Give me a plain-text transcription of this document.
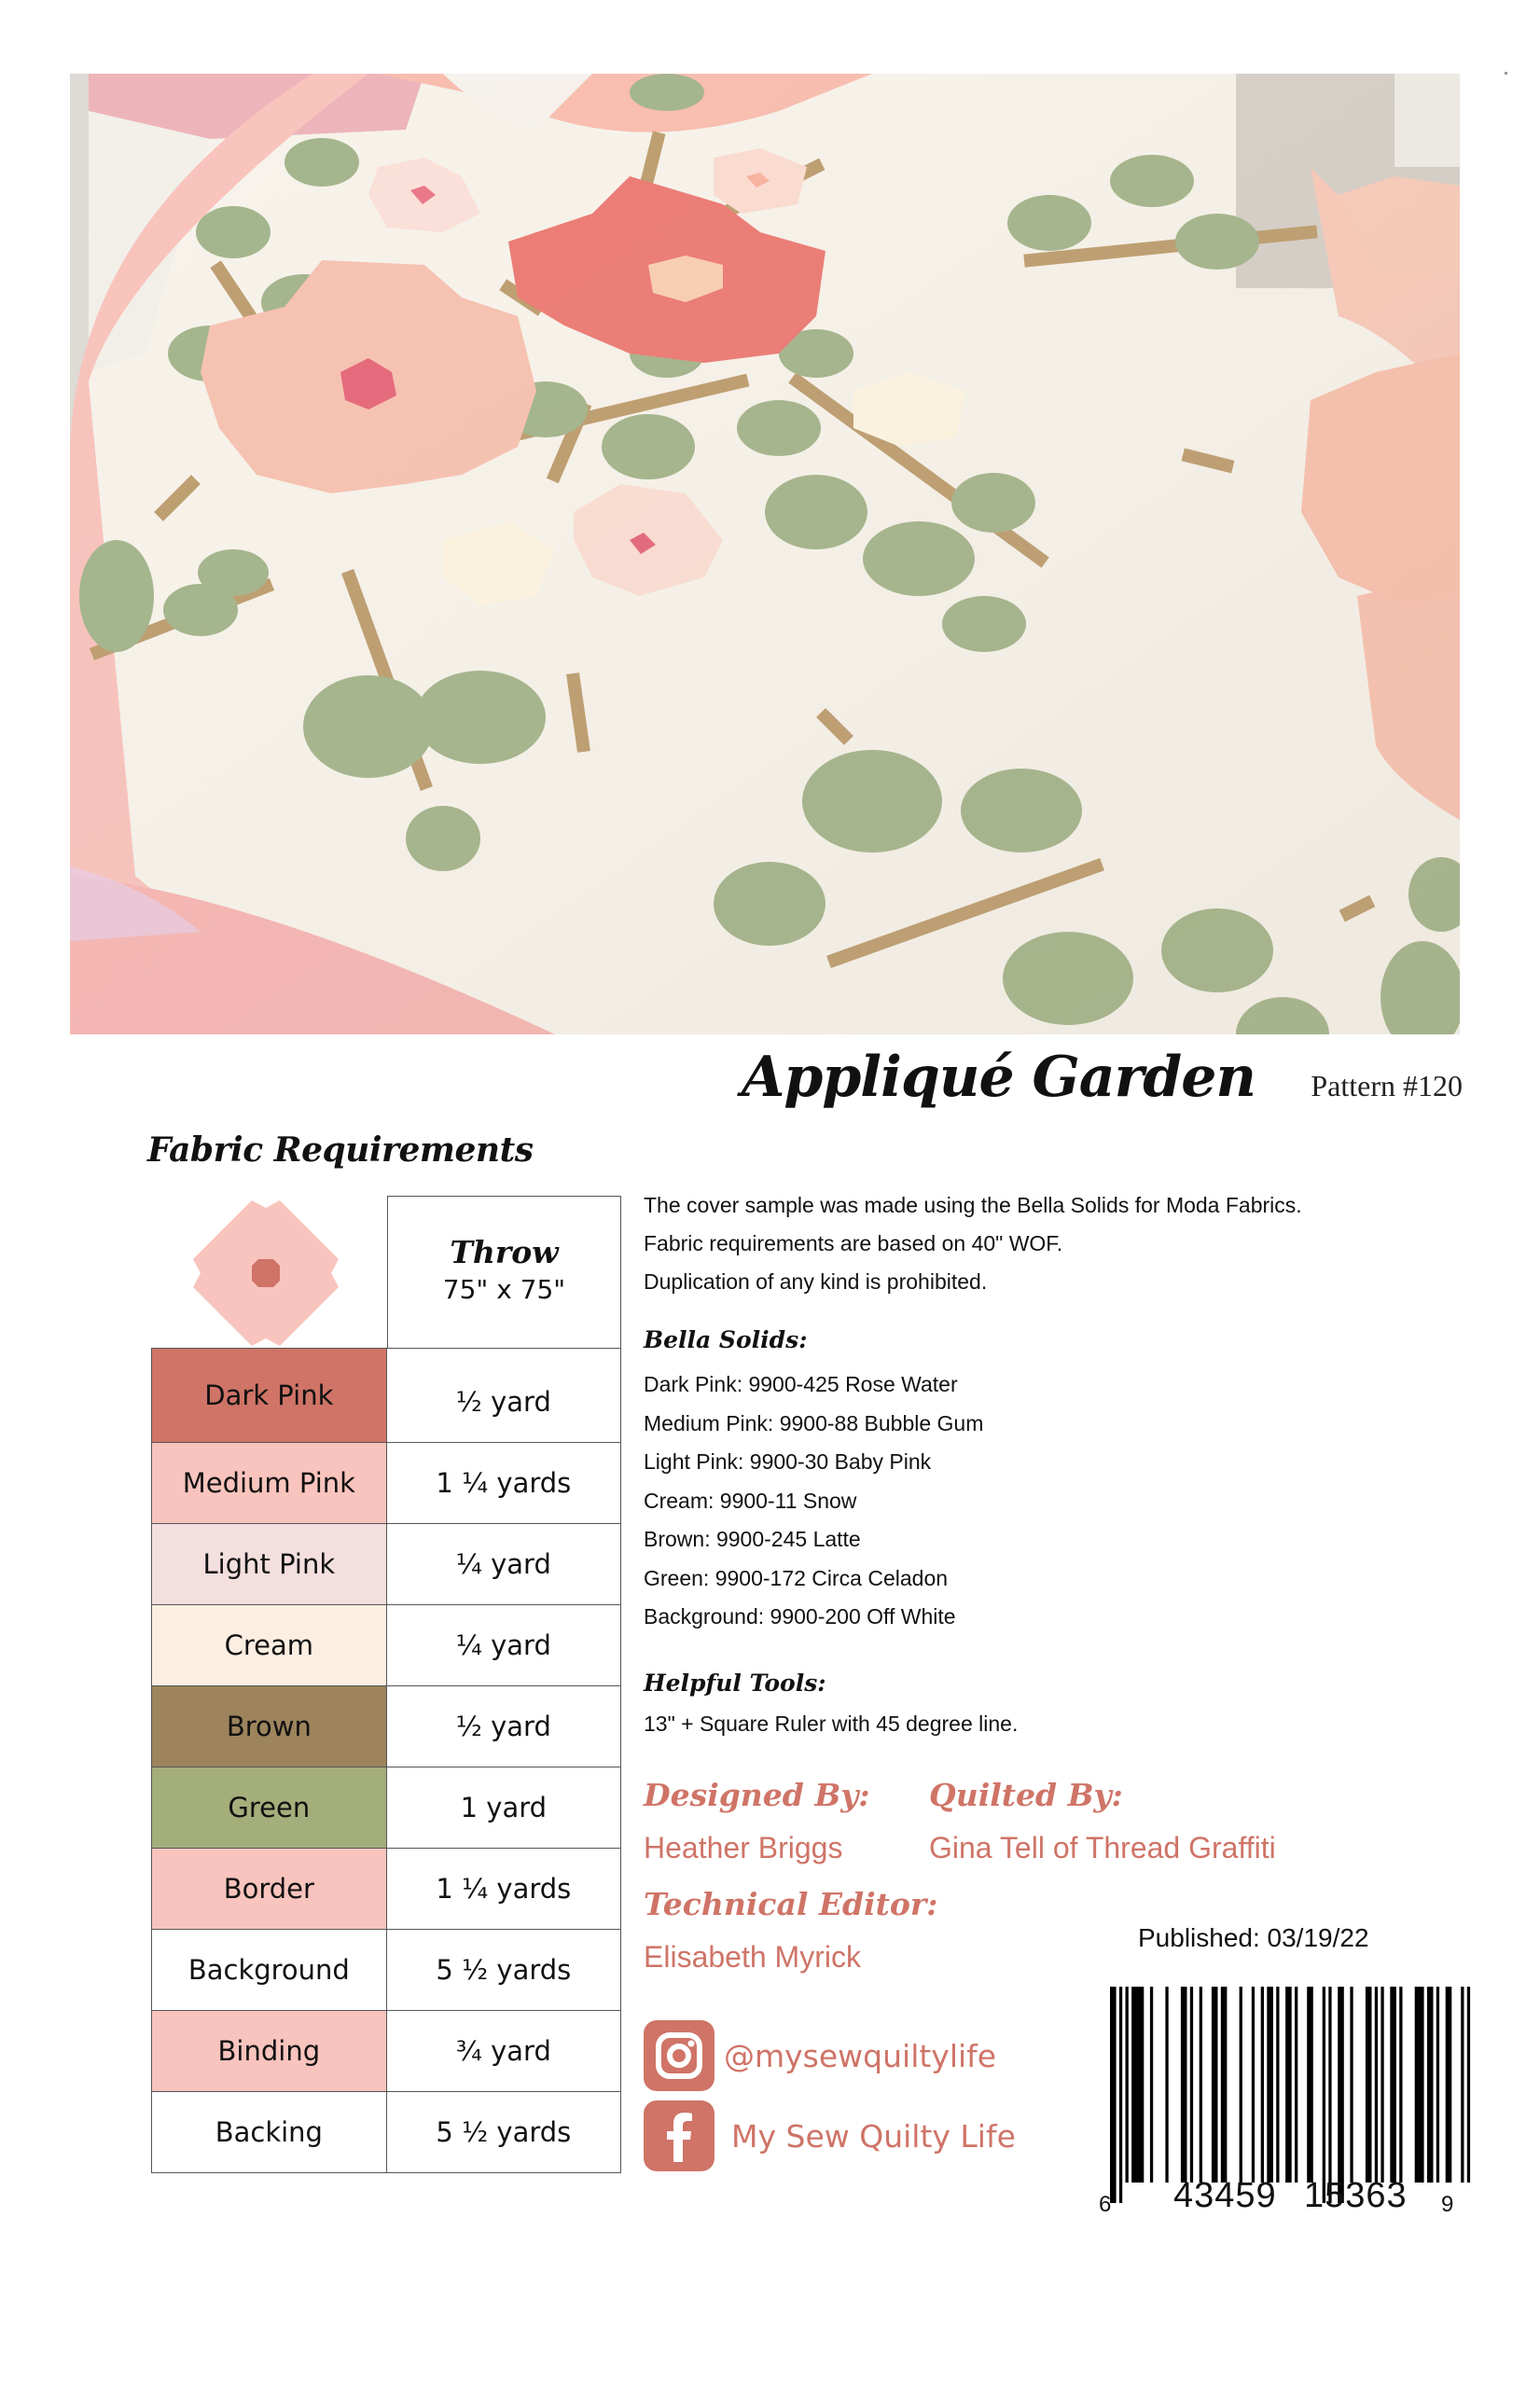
Appliqué Garden Pattern #120
Fabric Requirements
Throw
75" x 75"
Dark Pink	½ yard
Medium Pink	1 ¼ yards
Light Pink	¼ yard
Cream	¼ yard
Brown	½ yard
Green	1 yard
Border	1 ¼ yards
Background	5 ½ yards
Binding	¾ yard
Backing	5 ½ yards

The cover sample was made using the Bella Solids for Moda Fabrics.

Fabric requirements are based on 40" WOF.

Duplication of any kind is prohibited.

Bella Solids:
Dark Pink: 9900-425 Rose Water
Medium Pink: 9900-88 Bubble Gum
Light Pink: 9900-30 Baby Pink
Cream: 9900-11 Snow
Brown: 9900-245 Latte
Green: 9900-172 Circa Celadon
Background: 9900-200 Off White
Helpful Tools:
13" + Square Ruler with 45 degree line.
Designed By:
Heather Briggs
Quilted By:
Gina Tell of Thread Graffiti
Technical Editor:
Elisabeth Myrick
@mysewquiltylife
My Sew Quilty Life
Published: 03/19/22
6 43459 15363 9
